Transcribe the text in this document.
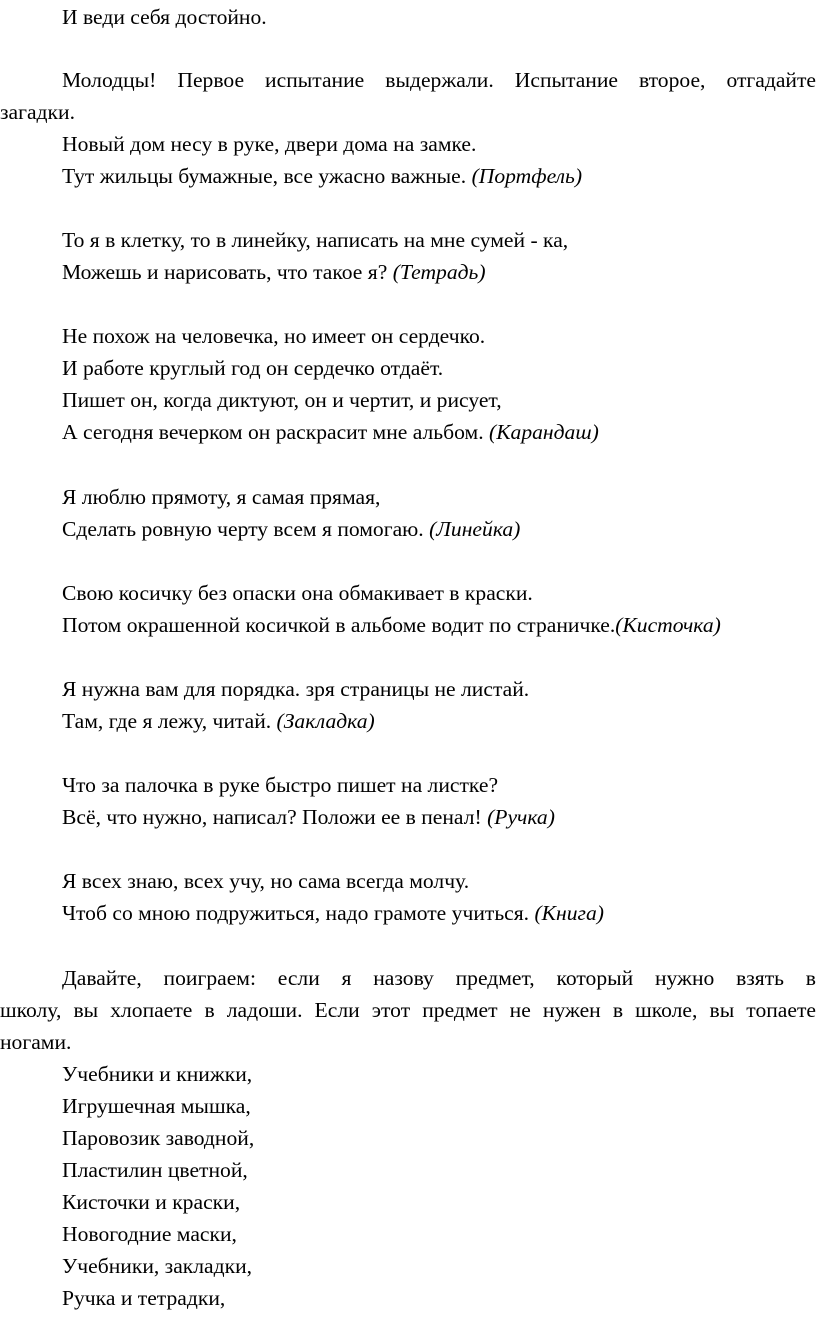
И веди себя достойно.
Молодцы! Первое испытание выдержали. Испытание второе, отгадайте
загадки.
Новый дом несу в руке, двери дома на замке.
Тут жильцы бумажные, все ужасно важные. (Портфель)
То я в клетку, то в линейку, написать на мне сумей - ка,
Можешь и нарисовать, что такое я? (Тетрадь)
Не похож на человечка, но имеет он сердечко.
И работе круглый год он сердечко отдаёт.
Пишет он, когда диктуют, он и чертит, и рисует,
А сегодня вечерком он раскрасит мне альбом. (Карандаш)
Я люблю прямоту, я самая прямая,
Сделать ровную черту всем я помогаю. (Линейка)
Свою косичку без опаски она обмакивает в краски.
Потом окрашенной косичкой в альбоме водит по страничке.(Кисточка)
Я нужна вам для порядка. зря страницы не листай.
Там, где я лежу, читай. (Закладка)
Что за палочка в руке быстро пишет на листке?
Всё, что нужно, написал? Положи ее в пенал! (Ручка)
Я всех знаю, всех учу, но сама всегда молчу.
Чтоб со мною подружиться, надо грамоте учиться. (Книга)
Давайте, поиграем: если я назову предмет, который нужно взять в
школу, вы хлопаете в ладоши. Если этот предмет не нужен в школе, вы топаете
ногами.
Учебники и книжки,
Игрушечная мышка,
Паровозик заводной,
Пластилин цветной,
Кисточки и краски,
Новогодние маски,
Учебники, закладки,
Ручка и тетрадки,
